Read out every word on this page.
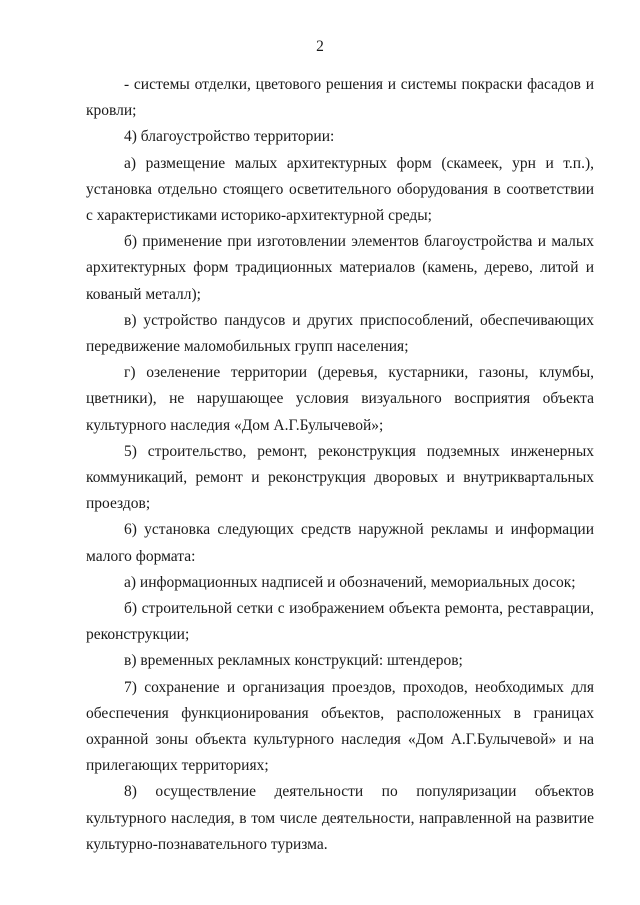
2

- системы отделки, цветового решения и системы покраски фасадов и кровли;

4) благоустройство территории:

а) размещение малых архитектурных форм (скамеек, урн и т.п.), установка отдельно стоящего осветительного оборудования в соответствии с характеристиками историко-архитектурной среды;

б) применение при изготовлении элементов благоустройства и малых архитектурных форм традиционных материалов (камень, дерево, литой и кованый металл);

в) устройство пандусов и других приспособлений, обеспечивающих передвижение маломобильных групп населения;

г) озеленение территории (деревья, кустарники, газоны, клумбы, цветники), не нарушающее условия визуального восприятия объекта культурного наследия «Дом А.Г.Булычевой»;

5) строительство, ремонт, реконструкция подземных инженерных коммуникаций, ремонт и реконструкция дворовых и внутриквартальных проездов;

6) установка следующих средств наружной рекламы и информации малого формата:

а) информационных надписей и обозначений, мемориальных досок;

б) строительной сетки с изображением объекта ремонта, реставрации, реконструкции;

в) временных рекламных конструкций: штендеров;

7) сохранение и организация проездов, проходов, необходимых для обеспечения функционирования объектов, расположенных в границах охранной зоны объекта культурного наследия «Дом А.Г.Булычевой» и на прилегающих территориях;

8) осуществление деятельности по популяризации объектов культурного наследия, в том числе деятельности, направленной на развитие культурно-познавательного туризма.
